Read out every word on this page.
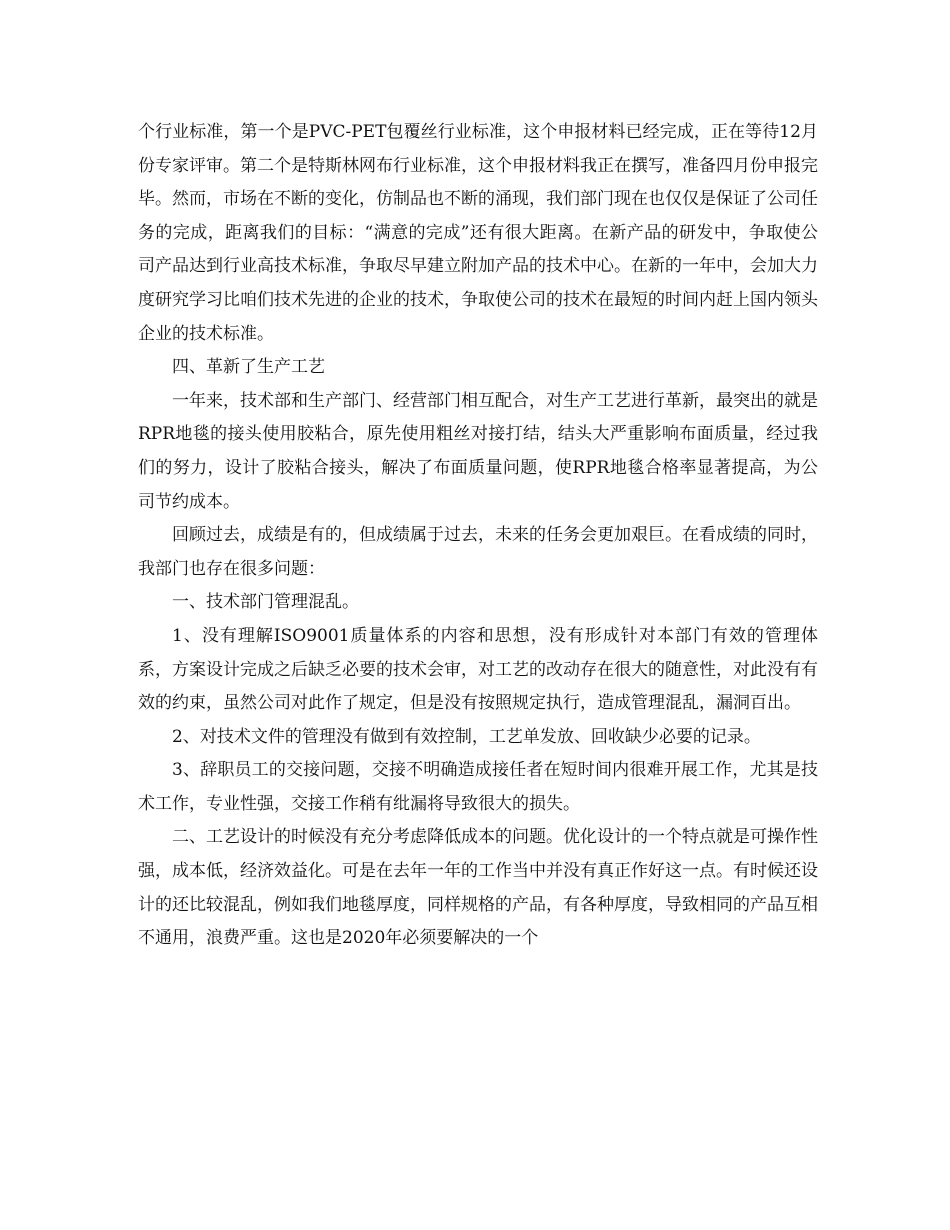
个行业标准，第一个是PVC-PET包覆丝行业标准，这个申报材料已经完成，正在等待12月份专家评审。第二个是特斯林网布行业标准，这个申报材料我正在撰写，准备四月份申报完毕。然而，市场在不断的变化，仿制品也不断的涌现，我们部门现在也仅仅是保证了公司任务的完成，距离我们的目标：“满意的完成”还有很大距离。在新产品的研发中，争取使公司产品达到行业高技术标准，争取尽早建立附加产品的技术中心。在新的一年中，会加大力度研究学习比咱们技术先进的企业的技术，争取使公司的技术在最短的时间内赶上国内领头企业的技术标准。

四、革新了生产工艺

一年来，技术部和生产部门、经营部门相互配合，对生产工艺进行革新，最突出的就是RPR地毯的接头使用胶粘合，原先使用粗丝对接打结，结头大严重影响布面质量，经过我们的努力，设计了胶粘合接头，解决了布面质量问题，使RPR地毯合格率显著提高，为公司节约成本。

回顾过去，成绩是有的，但成绩属于过去，未来的任务会更加艰巨。在看成绩的同时，我部门也存在很多问题：

一、技术部门管理混乱。

1、没有理解ISO9001质量体系的内容和思想，没有形成针对本部门有效的管理体系，方案设计完成之后缺乏必要的技术会审，对工艺的改动存在很大的随意性，对此没有有效的约束，虽然公司对此作了规定，但是没有按照规定执行，造成管理混乱，漏洞百出。

2、对技术文件的管理没有做到有效控制，工艺单发放、回收缺少必要的记录。

3、辞职员工的交接问题，交接不明确造成接任者在短时间内很难开展工作，尤其是技术工作，专业性强，交接工作稍有纰漏将导致很大的损失。

二、工艺设计的时候没有充分考虑降低成本的问题。优化设计的一个特点就是可操作性强，成本低，经济效益化。可是在去年一年的工作当中并没有真正作好这一点。有时候还设计的还比较混乱，例如我们地毯厚度，同样规格的产品，有各种厚度，导致相同的产品互相不通用，浪费严重。这也是2020年必须要解决的一个
